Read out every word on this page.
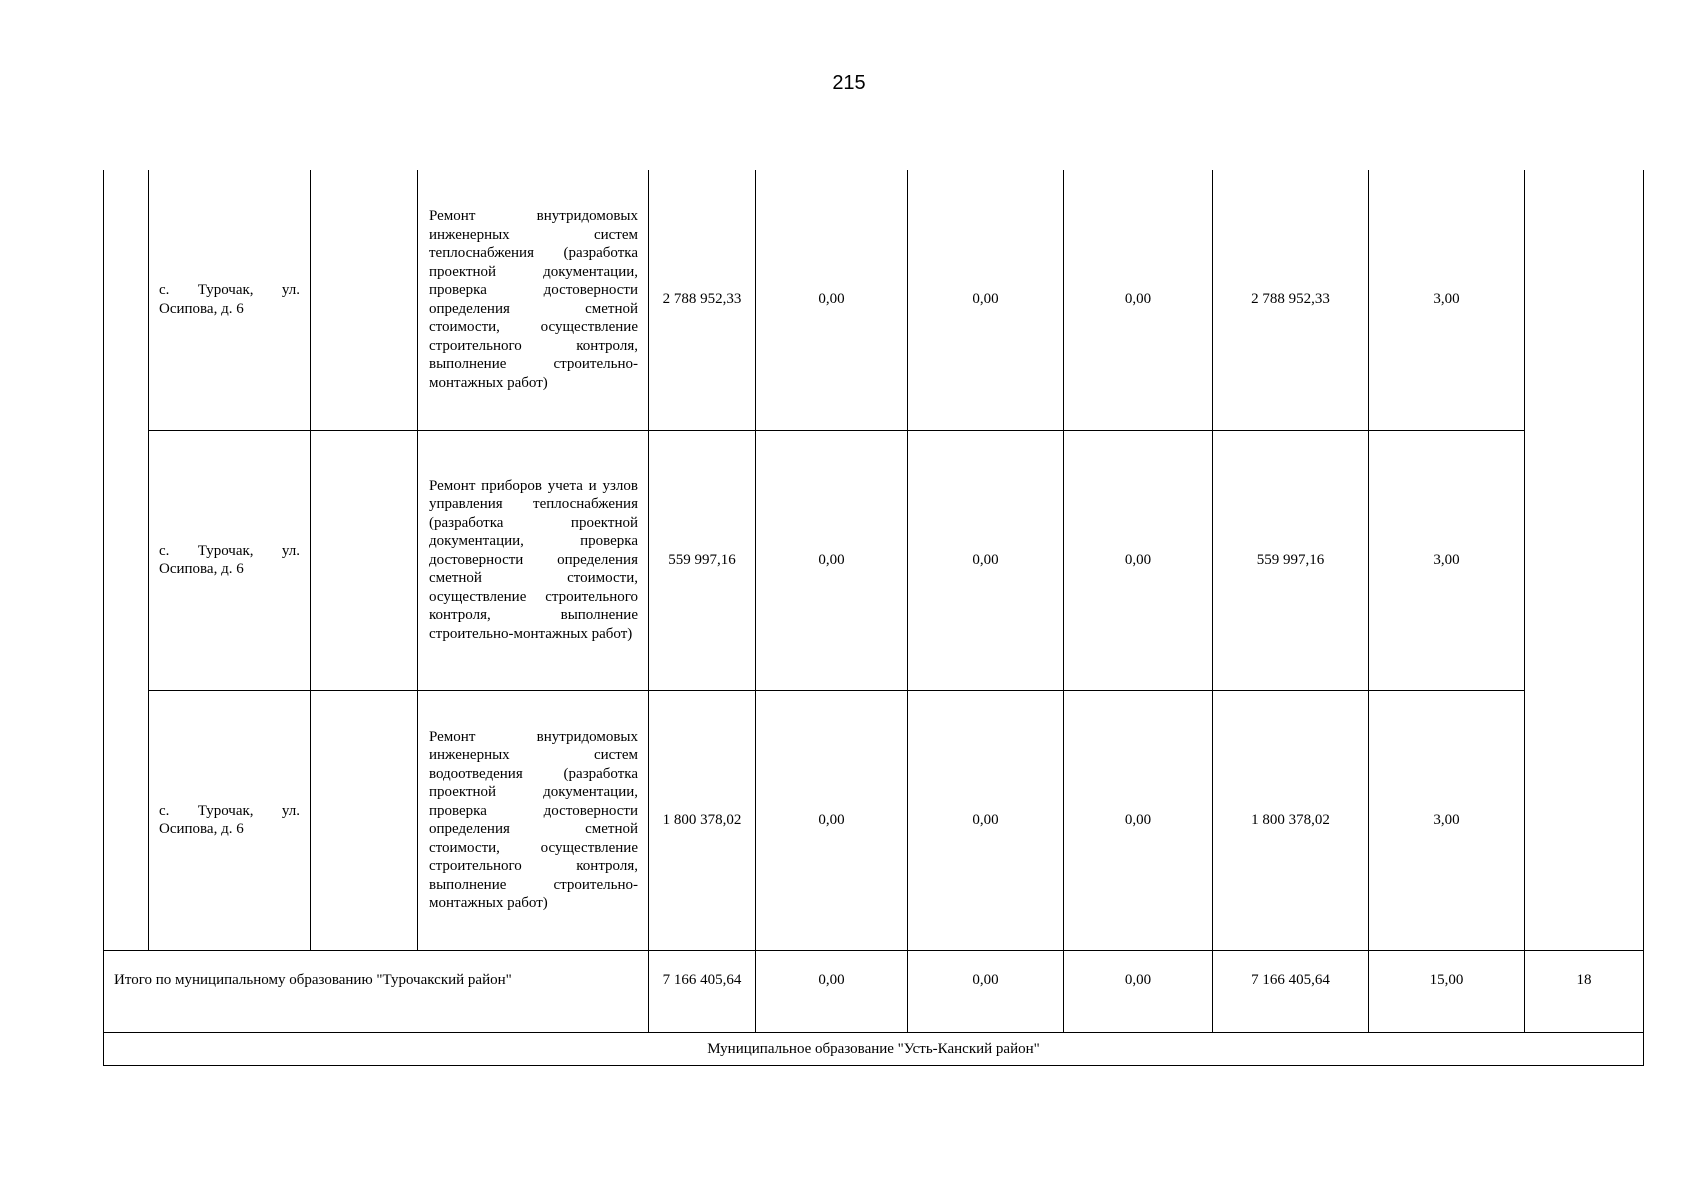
215
	с. Турочак, ул. Осипова, д. 6		Ремонт внутридомовых инженерных систем теплоснабжения (разработка проектной документации, проверка достоверности определения сметной стоимости, осуществление строительного контроля, выполнение строительно-монтажных работ)	2 788 952,33	0,00	0,00	0,00	2 788 952,33	3,00	
	с. Турочак, ул. Осипова, д. 6		Ремонт приборов учета и узлов управления теплоснабжения (разработка проектной документации, проверка достоверности определения сметной стоимости, осуществление строительного контроля, выполнение строительно-монтажных работ)	559 997,16	0,00	0,00	0,00	559 997,16	3,00	
	с. Турочак, ул. Осипова, д. 6		Ремонт внутридомовых инженерных систем водоотведения (разработка проектной документации, проверка достоверности определения сметной стоимости, осуществление строительного контроля, выполнение строительно-монтажных работ)	1 800 378,02	0,00	0,00	0,00	1 800 378,02	3,00	
Итого по муниципальному образованию "Турочакский район"				7 166 405,64	0,00	0,00	0,00	7 166 405,64	15,00	18
Муниципальное образование "Усть-Канский район"										
